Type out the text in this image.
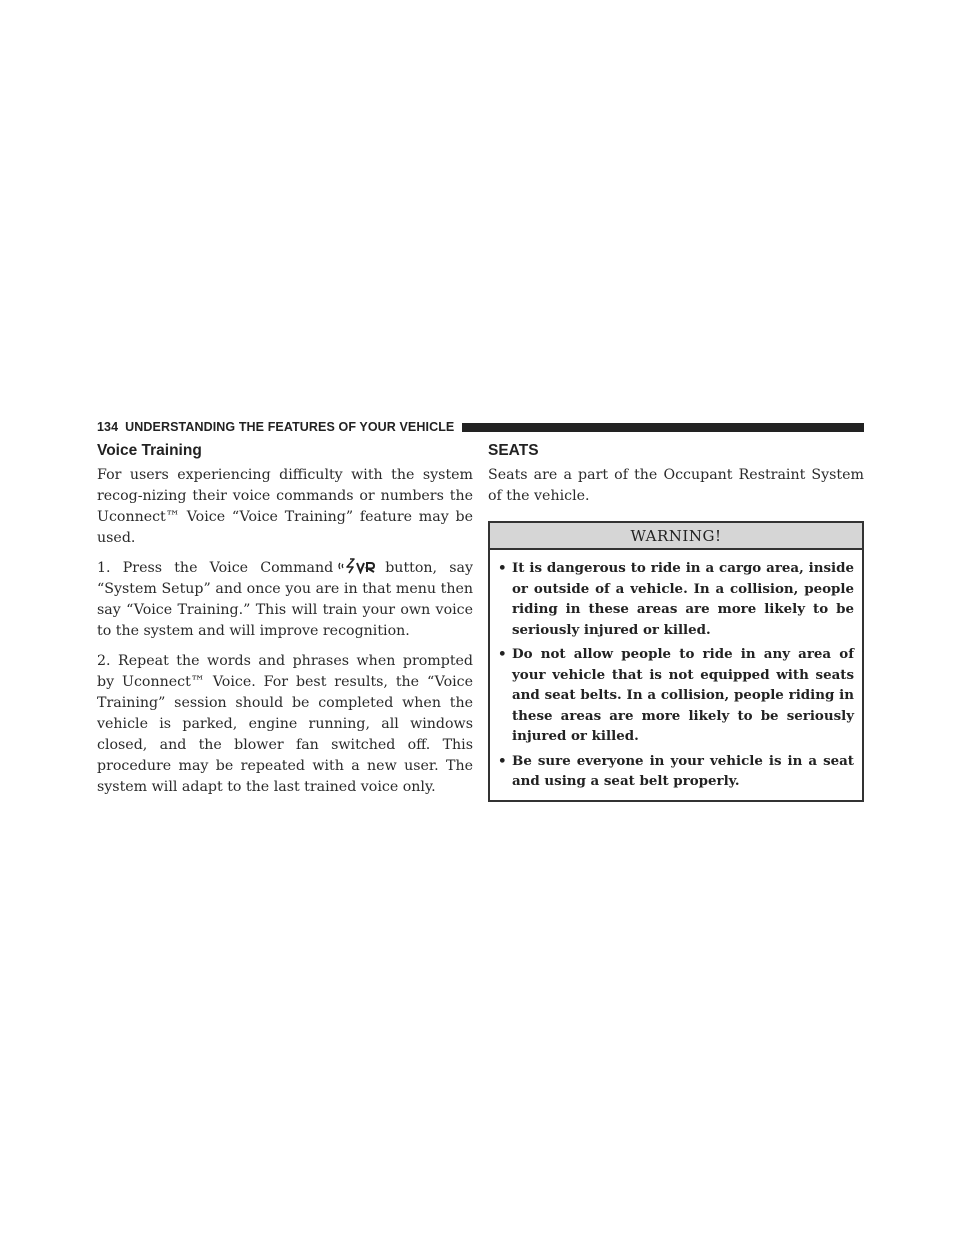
134 UNDERSTANDING THE FEATURES OF YOUR VEHICLE
Voice Training

For users experiencing difficulty with the system recog-nizing their voice commands or numbers the Uconnect™ Voice “Voice Training” feature may be used.

1. Press the Voice Command	button, say “System Setup” and once you are in that menu then say “Voice Training.” This will train your own voice to the system and will improve recognition.

2. Repeat the words and phrases when prompted by Uconnect™ Voice. For best results, the “Voice Training” session should be completed when the vehicle is parked, engine running, all windows closed, and the blower fan switched off. This procedure may be repeated with a new user. The system will adapt to the last trained voice only.

SEATS

Seats are a part of the Occupant Restraint System of the vehicle.

WARNING!
• It is dangerous to ride in a cargo area, inside or outside of a vehicle. In a collision, people riding in these areas are more likely to be seriously injured or killed.
• Do not allow people to ride in any area of your vehicle that is not equipped with seats and seat belts. In a collision, people riding in these areas are more likely to be seriously injured or killed.
• Be sure everyone in your vehicle is in a seat and using a seat belt properly.
